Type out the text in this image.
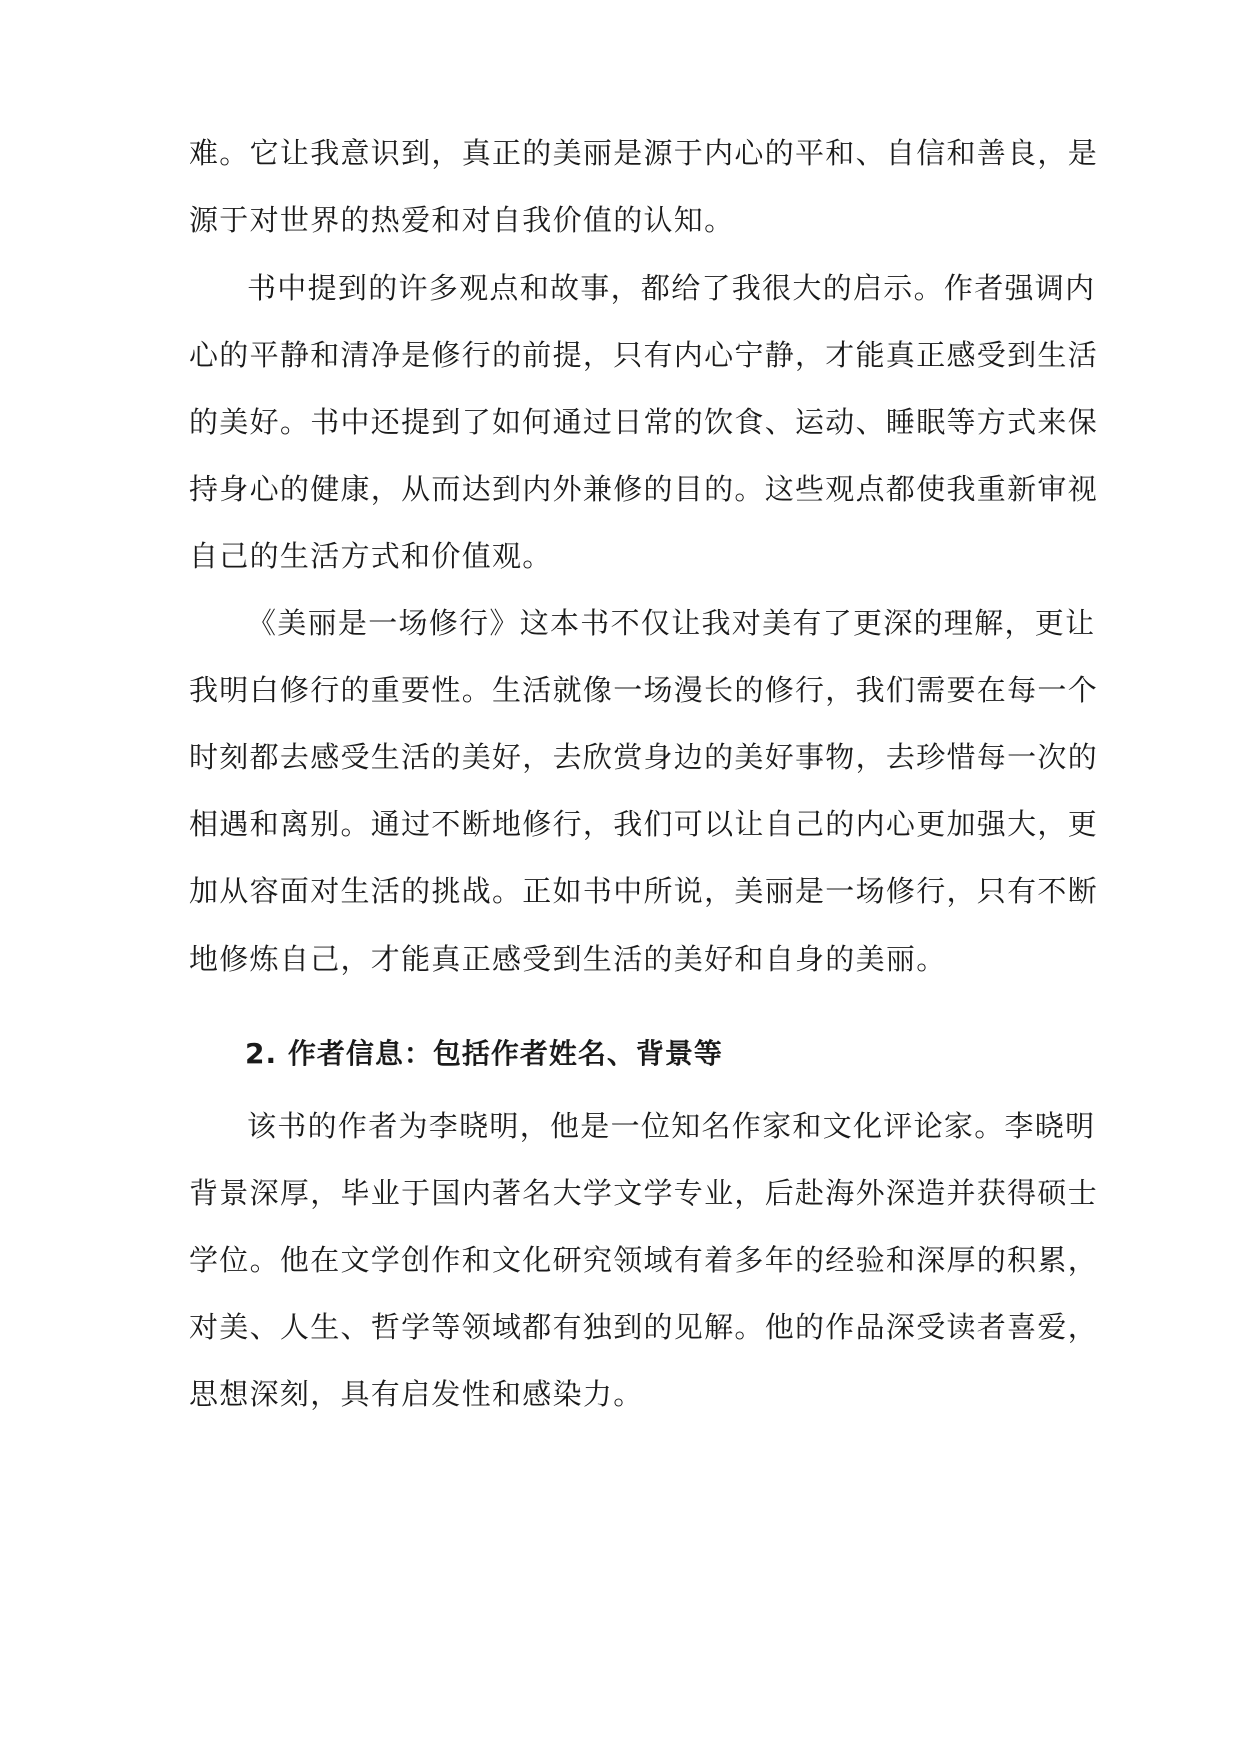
难。它让我意识到，真正的美丽是源于内心的平和、自信和善良，是
源于对世界的热爱和对自我价值的认知。
书中提到的许多观点和故事，都给了我很大的启示。作者强调内
心的平静和清净是修行的前提，只有内心宁静，才能真正感受到生活
的美好。书中还提到了如何通过日常的饮食、运动、睡眠等方式来保
持身心的健康，从而达到内外兼修的目的。这些观点都使我重新审视
自己的生活方式和价值观。
《美丽是一场修行》这本书不仅让我对美有了更深的理解，更让
我明白修行的重要性。生活就像一场漫长的修行，我们需要在每一个
时刻都去感受生活的美好，去欣赏身边的美好事物，去珍惜每一次的
相遇和离别。通过不断地修行，我们可以让自己的内心更加强大，更
加从容面对生活的挑战。正如书中所说，美丽是一场修行，只有不断
地修炼自己，才能真正感受到生活的美好和自身的美丽。
2. 作者信息：包括作者姓名、背景等
该书的作者为李晓明，他是一位知名作家和文化评论家。李晓明
背景深厚，毕业于国内著名大学文学专业，后赴海外深造并获得硕士
学位。他在文学创作和文化研究领域有着多年的经验和深厚的积累，
对美、人生、哲学等领域都有独到的见解。他的作品深受读者喜爱，
思想深刻，具有启发性和感染力。
